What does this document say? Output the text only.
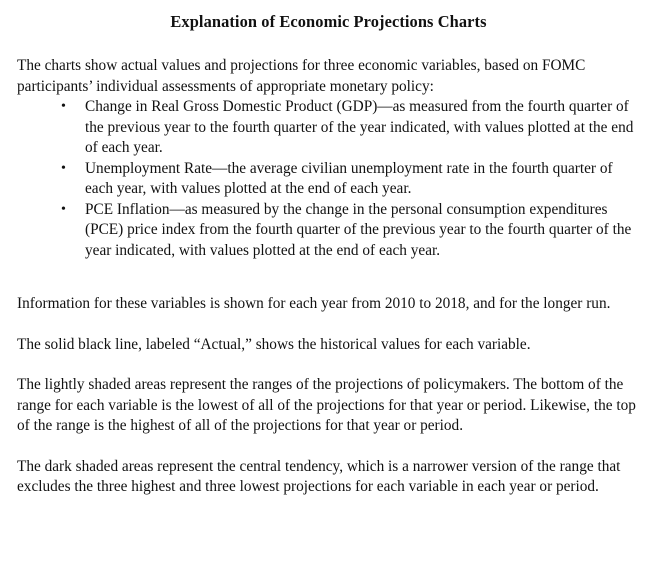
Explanation of Economic Projections Charts

The charts show actual values and projections for three economic variables, based on FOMC participants’ individual assessments of appropriate monetary policy:

• Change in Real Gross Domestic Product (GDP)—as measured from the fourth quarter of the previous year to the fourth quarter of the year indicated, with values plotted at the end of each year.
• Unemployment Rate—the average civilian unemployment rate in the fourth quarter of each year, with values plotted at the end of each year.
• PCE Inflation—as measured by the change in the personal consumption expenditures (PCE) price index from the fourth quarter of the previous year to the fourth quarter of the year indicated, with values plotted at the end of each year.

Information for these variables is shown for each year from 2010 to 2018, and for the longer run.

The solid black line, labeled “Actual,” shows the historical values for each variable.

The lightly shaded areas represent the ranges of the projections of policymakers. The bottom of the range for each variable is the lowest of all of the projections for that year or period. Likewise, the top of the range is the highest of all of the projections for that year or period.

The dark shaded areas represent the central tendency, which is a narrower version of the range that excludes the three highest and three lowest projections for each variable in each year or period.
